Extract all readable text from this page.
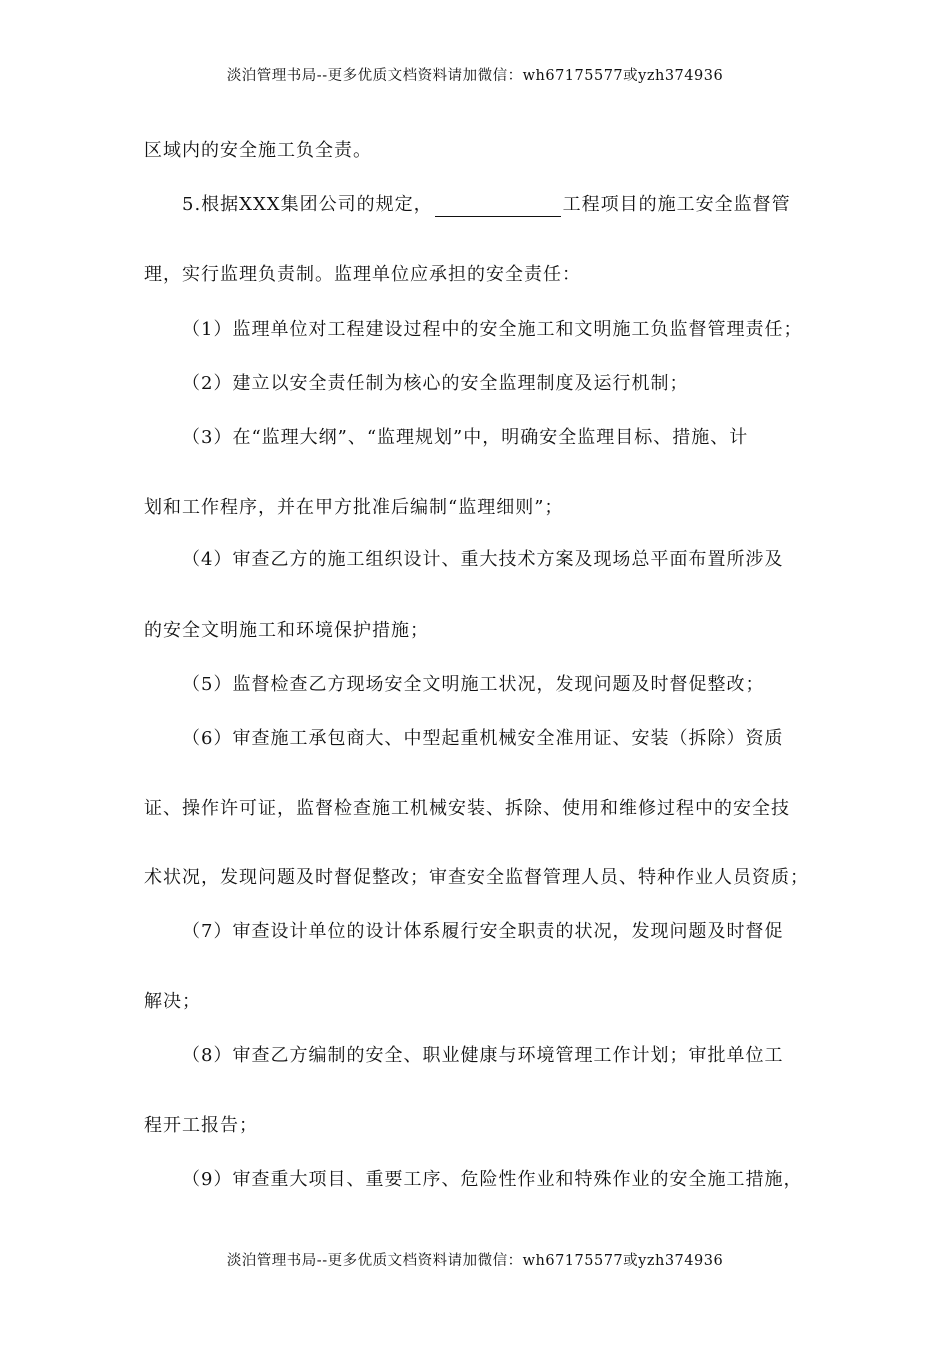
淡泊管理书局--更多优质文档资料请加微信：wh67175577或yzh374936
区域内的安全施工负全责。
5.根据XXX集团公司的规定，	工程项目的施工安全监督管
理，实行监理负责制。监理单位应承担的安全责任：
（1）监理单位对工程建设过程中的安全施工和文明施工负监督管理责任；
（2）建立以安全责任制为核心的安全监理制度及运行机制；
（3）在“监理大纲”、“监理规划”中，明确安全监理目标、措施、计
划和工作程序，并在甲方批准后编制“监理细则”；
（4）审查乙方的施工组织设计、重大技术方案及现场总平面布置所涉及
的安全文明施工和环境保护措施；
（5）监督检查乙方现场安全文明施工状况，发现问题及时督促整改；
（6）审查施工承包商大、中型起重机械安全准用证、安装（拆除）资质
证、操作许可证，监督检查施工机械安装、拆除、使用和维修过程中的安全技
术状况，发现问题及时督促整改；审查安全监督管理人员、特种作业人员资质；
（7）审查设计单位的设计体系履行安全职责的状况，发现问题及时督促
解决；
（8）审查乙方编制的安全、职业健康与环境管理工作计划；审批单位工
程开工报告；
（9）审查重大项目、重要工序、危险性作业和特殊作业的安全施工措施，
淡泊管理书局--更多优质文档资料请加微信：wh67175577或yzh374936
